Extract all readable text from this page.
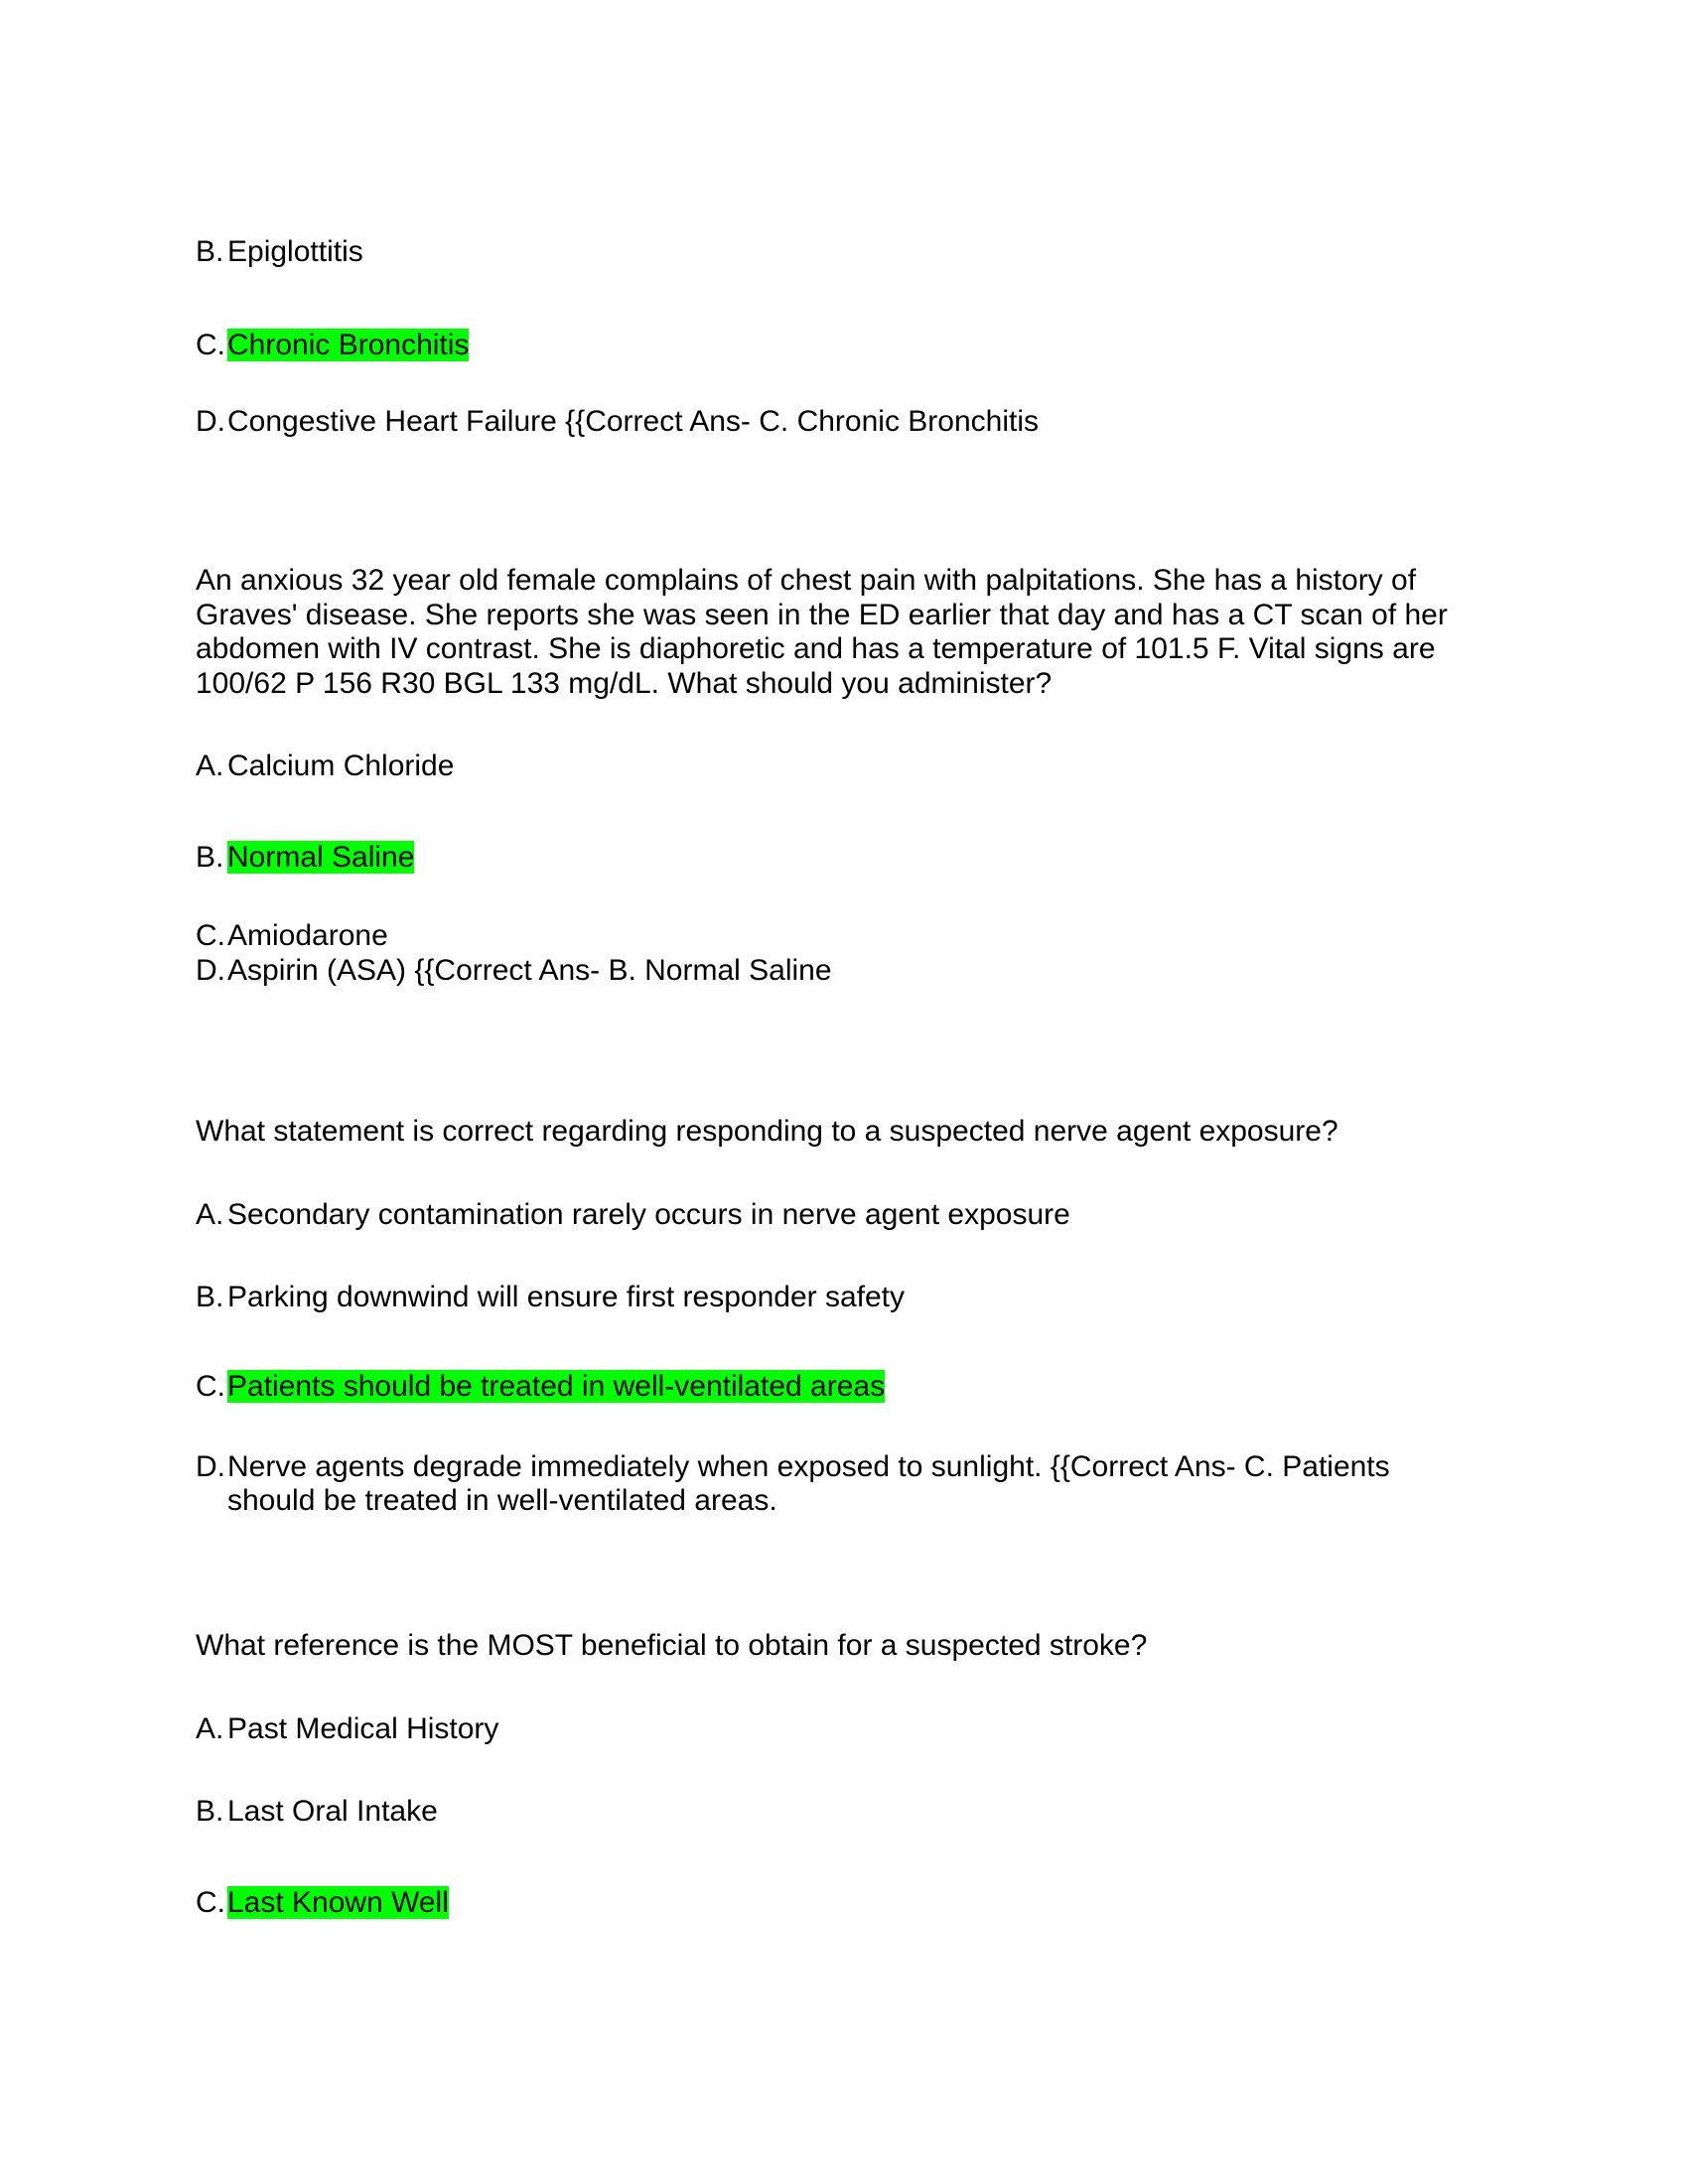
B. Epiglottitis
C.Chronic Bronchitis
D.Congestive Heart Failure {{Correct Ans- C. Chronic Bronchitis
An anxious 32 year old female complains of chest pain with palpitations. She has a history of
Graves' disease. She reports she was seen in the ED earlier that day and has a CT scan of her
abdomen with IV contrast. She is diaphoretic and has a temperature of 101.5 F. Vital signs are
100/62 P 156 R30 BGL 133 mg/dL. What should you administer?
A. Calcium Chloride
B. Normal Saline
C.Amiodarone
D.Aspirin (ASA) {{Correct Ans- B. Normal Saline
What statement is correct regarding responding to a suspected nerve agent exposure?
A. Secondary contamination rarely occurs in nerve agent exposure
B. Parking downwind will ensure first responder safety
C.Patients should be treated in well-ventilated areas
D.Nerve agents degrade immediately when exposed to sunlight. {{Correct Ans- C. Patients
should be treated in well-ventilated areas.
What reference is the MOST beneficial to obtain for a suspected stroke?
A. Past Medical History
B. Last Oral Intake
C.Last Known Well
